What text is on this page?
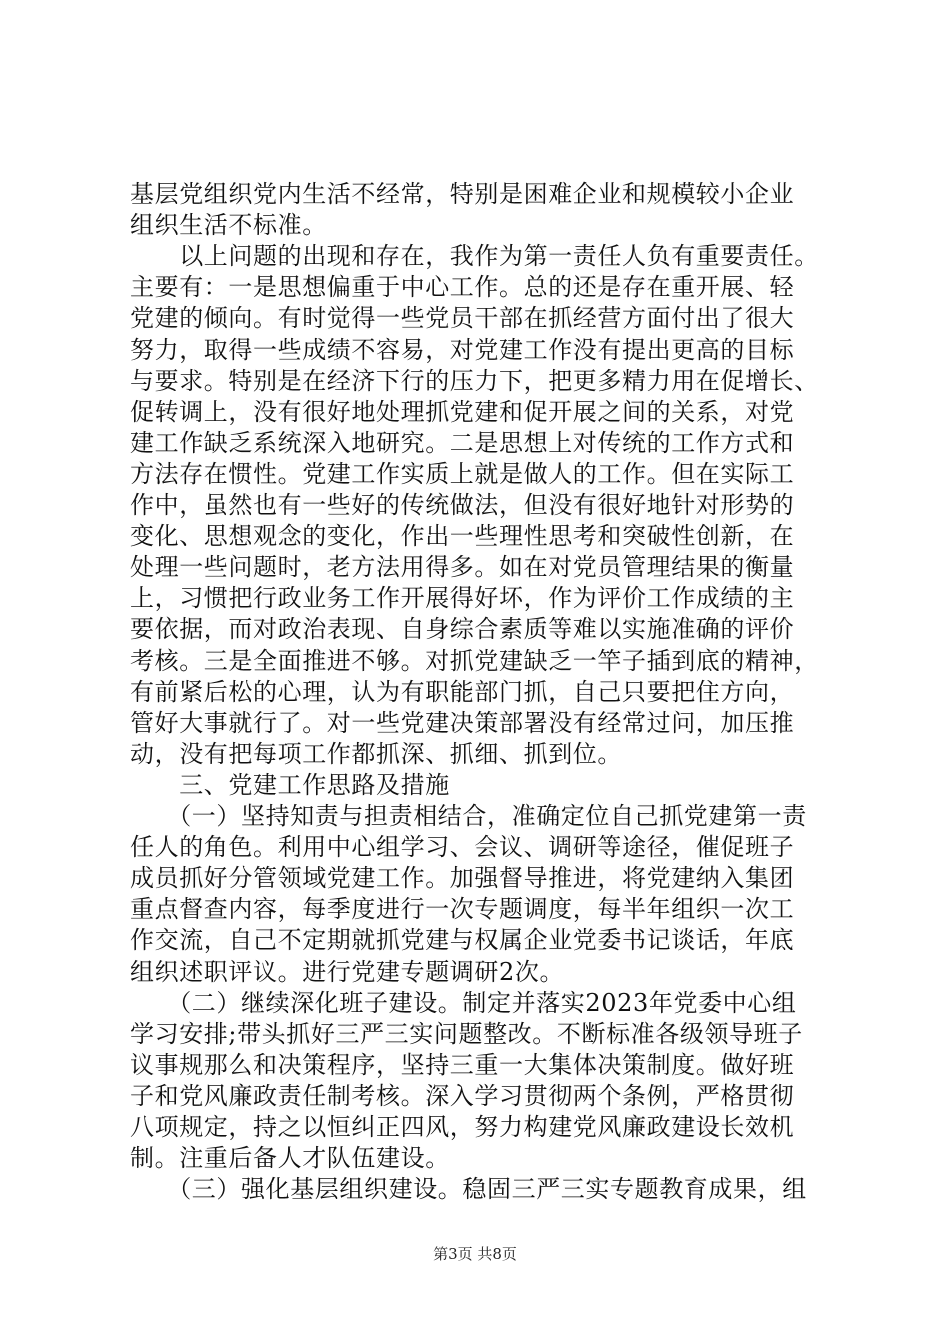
基层党组织党内生活不经常，特别是困难企业和规模较小企业
组织生活不标准。
　　以上问题的出现和存在，我作为第一责任人负有重要责任。
主要有：一是思想偏重于中心工作。总的还是存在重开展、轻
党建的倾向。有时觉得一些党员干部在抓经营方面付出了很大
努力，取得一些成绩不容易，对党建工作没有提出更高的目标
与要求。特别是在经济下行的压力下，把更多精力用在促增长、
促转调上，没有很好地处理抓党建和促开展之间的关系，对党
建工作缺乏系统深入地研究。二是思想上对传统的工作方式和
方法存在惯性。党建工作实质上就是做人的工作。但在实际工
作中，虽然也有一些好的传统做法，但没有很好地针对形势的
变化、思想观念的变化，作出一些理性思考和突破性创新，在
处理一些问题时，老方法用得多。如在对党员管理结果的衡量
上，习惯把行政业务工作开展得好坏，作为评价工作成绩的主
要依据，而对政治表现、自身综合素质等难以实施准确的评价
考核。三是全面推进不够。对抓党建缺乏一竿子插到底的精神，
有前紧后松的心理，认为有职能部门抓，自己只要把住方向，
管好大事就行了。对一些党建决策部署没有经常过问，加压推
动，没有把每项工作都抓深、抓细、抓到位。
　　三、党建工作思路及措施
　　（一）坚持知责与担责相结合，准确定位自己抓党建第一责
任人的角色。利用中心组学习、会议、调研等途径，催促班子
成员抓好分管领域党建工作。加强督导推进，将党建纳入集团
重点督查内容，每季度进行一次专题调度，每半年组织一次工
作交流，自己不定期就抓党建与权属企业党委书记谈话，年底
组织述职评议。进行党建专题调研2次。
　　（二）继续深化班子建设。制定并落实2023年党委中心组
学习安排;带头抓好三严三实问题整改。不断标准各级领导班子
议事规那么和决策程序，坚持三重一大集体决策制度。做好班
子和党风廉政责任制考核。深入学习贯彻两个条例，严格贯彻
八项规定，持之以恒纠正四风，努力构建党风廉政建设长效机
制。注重后备人才队伍建设。
第3页 共8页
　　（三）强化基层组织建设。稳固三严三实专题教育成果，组
